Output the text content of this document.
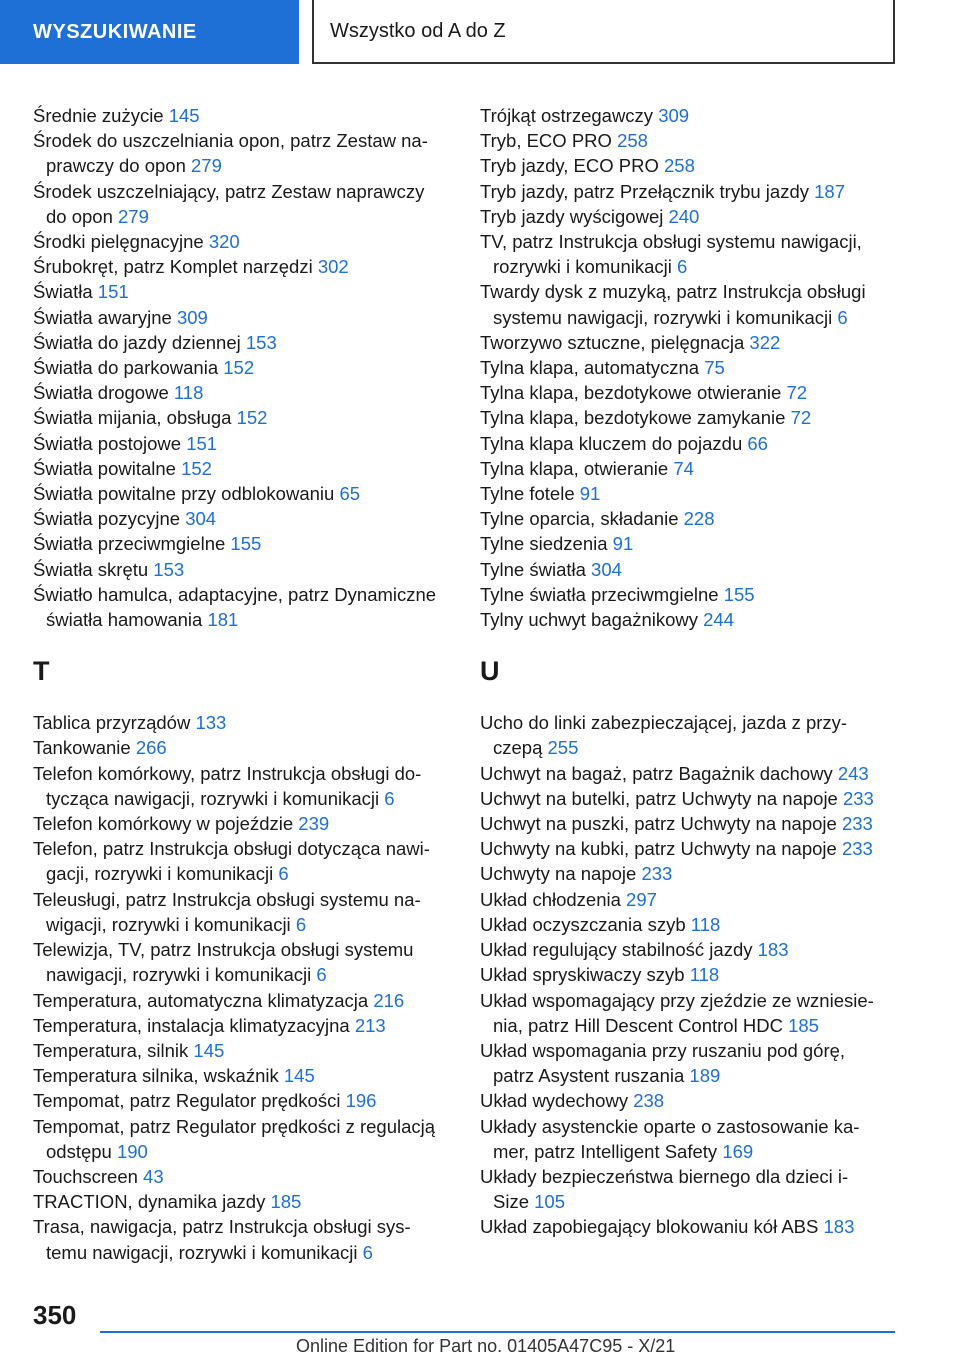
WYSZUKIWANIE	Wszystko od A do Z
Średnie zużycie 145
Środek do uszczelniania opon, patrz Zestaw na-
prawczy do opon 279
Środek uszczelniający, patrz Zestaw naprawczy
do opon 279
Środki pielęgnacyjne 320
Śrubokręt, patrz Komplet narzędzi 302
Światła 151
Światła awaryjne 309
Światła do jazdy dziennej 153
Światła do parkowania 152
Światła drogowe 118
Światła mijania, obsługa 152
Światła postojowe 151
Światła powitalne 152
Światła powitalne przy odblokowaniu 65
Światła pozycyjne 304
Światła przeciwmgielne 155
Światła skrętu 153
Światło hamulca, adaptacyjne, patrz Dynamiczne
światła hamowania 181
T
Tablica przyrządów 133
Tankowanie 266
Telefon komórkowy, patrz Instrukcja obsługi do-
tycząca nawigacji, rozrywki i komunikacji 6
Telefon komórkowy w pojeździe 239
Telefon, patrz Instrukcja obsługi dotycząca nawi-
gacji, rozrywki i komunikacji 6
Teleusługi, patrz Instrukcja obsługi systemu na-
wigacji, rozrywki i komunikacji 6
Telewizja, TV, patrz Instrukcja obsługi systemu
nawigacji, rozrywki i komunikacji 6
Temperatura, automatyczna klimatyzacja 216
Temperatura, instalacja klimatyzacyjna 213
Temperatura, silnik 145
Temperatura silnika, wskaźnik 145
Tempomat, patrz Regulator prędkości 196
Tempomat, patrz Regulator prędkości z regulacją
odstępu 190
Touchscreen 43
TRACTION, dynamika jazdy 185
Trasa, nawigacja, patrz Instrukcja obsługi sys-
temu nawigacji, rozrywki i komunikacji 6
Trójkąt ostrzegawczy 309
Tryb, ECO PRO 258
Tryb jazdy, ECO PRO 258
Tryb jazdy, patrz Przełącznik trybu jazdy 187
Tryb jazdy wyścigowej 240
TV, patrz Instrukcja obsługi systemu nawigacji,
rozrywki i komunikacji 6
Twardy dysk z muzyką, patrz Instrukcja obsługi
systemu nawigacji, rozrywki i komunikacji 6
Tworzywo sztuczne, pielęgnacja 322
Tylna klapa, automatyczna 75
Tylna klapa, bezdotykowe otwieranie 72
Tylna klapa, bezdotykowe zamykanie 72
Tylna klapa kluczem do pojazdu 66
Tylna klapa, otwieranie 74
Tylne fotele 91
Tylne oparcia, składanie 228
Tylne siedzenia 91
Tylne światła 304
Tylne światła przeciwmgielne 155
Tylny uchwyt bagażnikowy 244
U
Ucho do linki zabezpieczającej, jazda z przy-
czepą 255
Uchwyt na bagaż, patrz Bagażnik dachowy 243
Uchwyt na butelki, patrz Uchwyty na napoje 233
Uchwyt na puszki, patrz Uchwyty na napoje 233
Uchwyty na kubki, patrz Uchwyty na napoje 233
Uchwyty na napoje 233
Układ chłodzenia 297
Układ oczyszczania szyb 118
Układ regulujący stabilność jazdy 183
Układ spryskiwaczy szyb 118
Układ wspomagający przy zjeździe ze wzniesie-
nia, patrz Hill Descent Control HDC 185
Układ wspomagania przy ruszaniu pod górę,
patrz Asystent ruszania 189
Układ wydechowy 238
Układy asystenckie oparte o zastosowanie ka-
mer, patrz Intelligent Safety 169
Układy bezpieczeństwa biernego dla dzieci i-
Size 105
Układ zapobiegający blokowaniu kół ABS 183
350
Online Edition for Part no. 01405A47C95 - X/21
